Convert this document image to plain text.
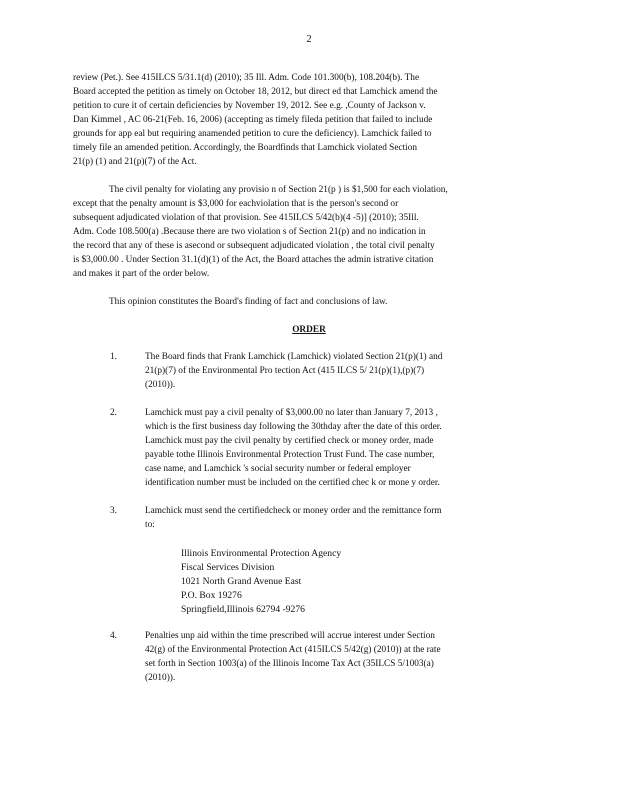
2
review (Pet.). See 415ILCS 5/31.1(d) (2010); 35 Ill. Adm. Code 101.300(b), 108.204(b). The
Board accepted the petition as timely on October 18, 2012, but direct ed that Lamchick amend the
petition to cure it of certain deficiencies by November 19, 2012. See e.g. ,County of Jackson v.
Dan Kimmel , AC 06-21(Feb. 16, 2006) (accepting as timely fileda petition that failed to include
grounds for app eal but requiring anamended petition to cure the deficiency). Lamchick failed to
timely file an amended petition. Accordingly, the Boardfinds that Lamchick violated Section
21(p) (1) and 21(p)(7) of the Act.
The civil penalty for violating any provisio n of Section 21(p ) is $1,500 for each violation,
except that the penalty amount is $3,000 for eachviolation that is the person's second or
subsequent adjudicated violation of that provision. See 415ILCS 5/42(b)(4 -5)] (2010); 35Ill.
Adm. Code 108.500(a) .Because there are two violation s of Section 21(p) and no indication in
the record that any of these is asecond or subsequent adjudicated violation , the total civil penalty
is $3,000.00 . Under Section 31.1(d)(1) of the Act, the Board attaches the admin istrative citation
and makes it part of the order below.
This opinion constitutes the Board's finding of fact and conclusions of law.
ORDER
1.	The Board finds that Frank Lamchick (Lamchick) violated Section 21(p)(1) and
21(p)(7) of the Environmental Pro tection Act (415 ILCS 5/ 21(p)(1),(p)(7)
(2010)).
2.	Lamchick must pay a civil penalty of $3,000.00 no later than January 7, 2013 ,
which is the first business day following the 30thday after the date of this order.
Lamchick must pay the civil penalty by certified check or money order, made
payable tothe Illinois Environmental Protection Trust Fund. The case number,
case name, and Lamchick 's social security number or federal employer
identification number must be included on the certified chec k or mone y order.
3.	Lamchick must send the certifiedcheck or money order and the remittance form
to:
Illinois Environmental Protection Agency
Fiscal Services Division
1021 North Grand Avenue East
P.O. Box 19276
Springfield,Illinois 62794 -9276
4.	Penalties unp aid within the time prescribed will accrue interest under Section
42(g) of the Environmental Protection Act (415ILCS 5/42(g) (2010)) at the rate
set forth in Section 1003(a) of the Illinois Income Tax Act (35ILCS 5/1003(a)
(2010)).
